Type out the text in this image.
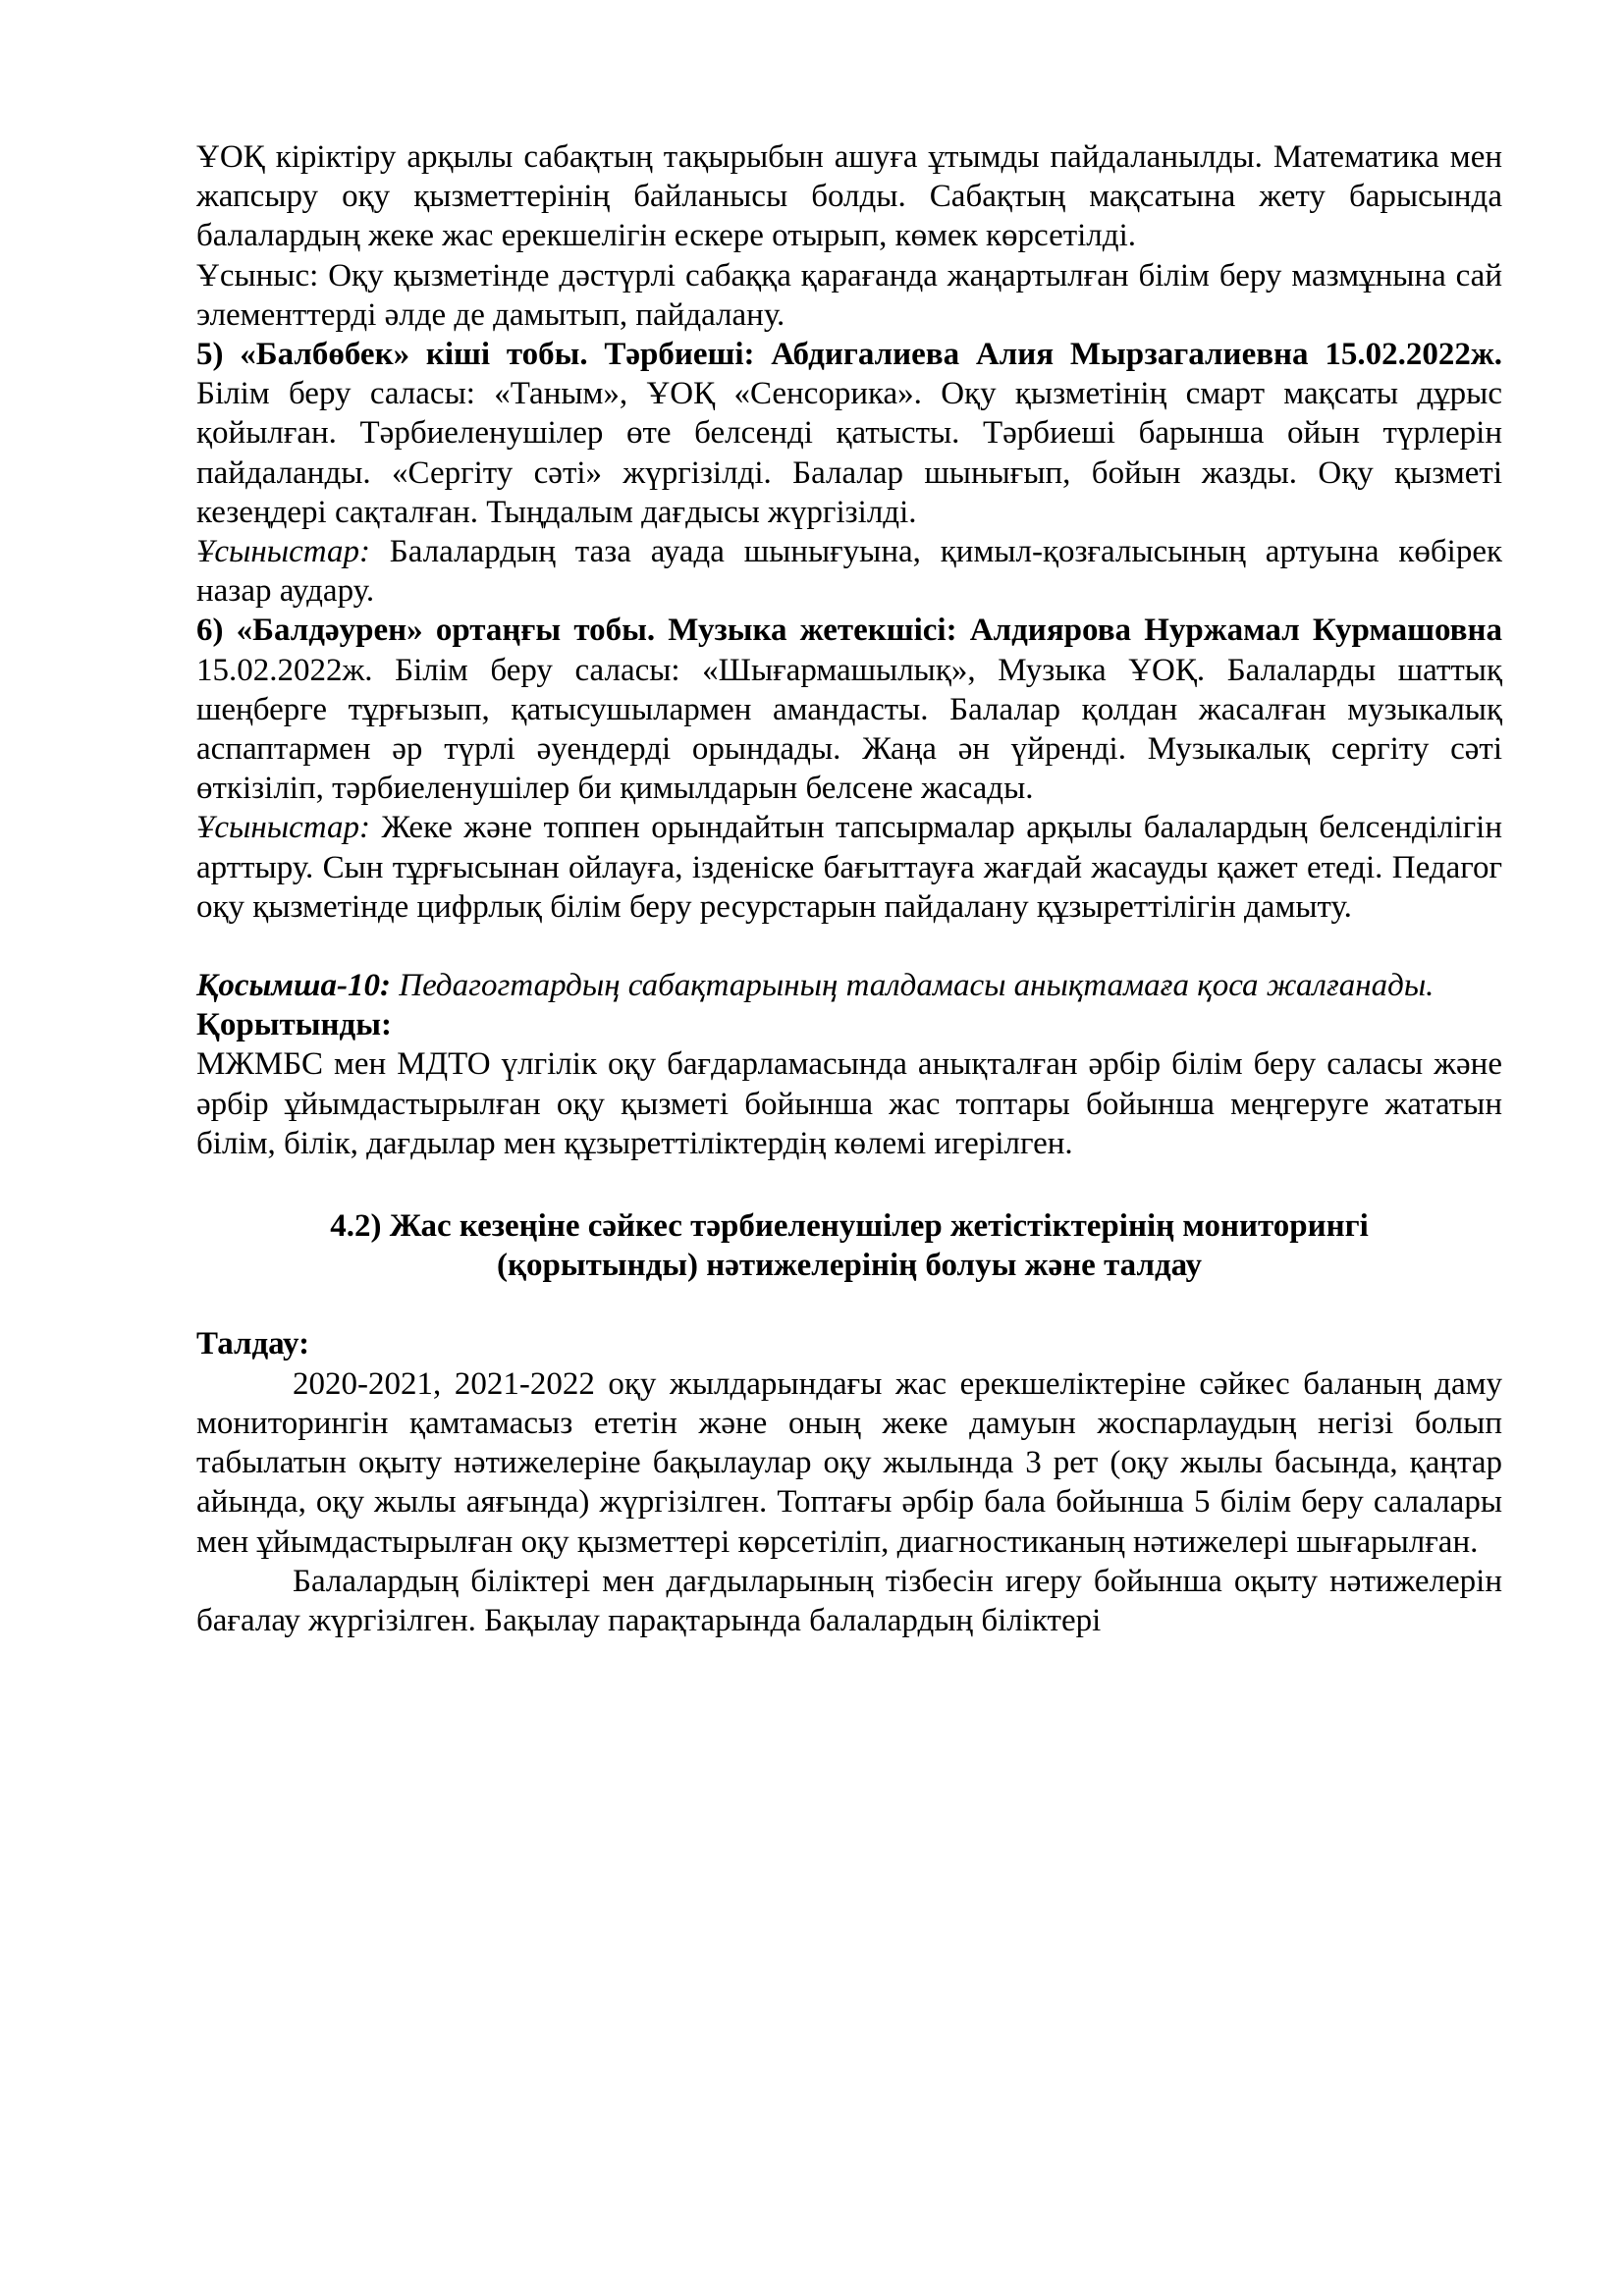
ҰОҚ кіріктіру арқылы сабақтың тақырыбын ашуға ұтымды пайдаланылды. Математика мен жапсыру оқу қызметтерінің байланысы болды. Сабақтың мақсатына жету барысында балалардың жеке жас ерекшелігін ескере отырып, көмек көрсетілді.

Ұсыныс: Оқу қызметінде дәстүрлі сабаққа қарағанда жаңартылған білім беру мазмұнына сай элементтерді әлде де дамытып, пайдалану.

5) «Балбөбек» кіші тобы. Тәрбиеші: Абдигалиева Алия Мырзагалиевна 15.02.2022ж. Білім беру саласы: «Таным», ҰОҚ «Сенсорика». Оқу қызметінің смарт мақсаты дұрыс қойылған. Тәрбиеленушілер өте белсенді қатысты. Тәрбиеші барынша ойын түрлерін пайдаланды. «Сергіту сәті» жүргізілді. Балалар шынығып, бойын жазды. Оқу қызметі кезеңдері сақталған. Тыңдалым дағдысы жүргізілді.

Ұсыныстар: Балалардың таза ауада шынығуына, қимыл-қозғалысының артуына көбірек назар аудару.

6) «Балдәурен» ортаңғы тобы. Музыка жетекшісі: Алдиярова Нуржамал Курмашовна 15.02.2022ж. Білім беру саласы: «Шығармашылық», Музыка ҰОҚ. Балаларды шаттық шеңберге тұрғызып, қатысушылармен амандасты. Балалар қолдан жасалған музыкалық аспаптармен әр түрлі әуендерді орындады. Жаңа ән үйренді. Музыкалық сергіту сәті өткізіліп, тәрбиеленушілер би қимылдарын белсене жасады.

Ұсыныстар: Жеке және топпен орындайтын тапсырмалар арқылы балалардың белсенділігін арттыру. Сын тұрғысынан ойлауға, ізденіске бағыттауға жағдай жасауды қажет етеді. Педагог оқу қызметінде цифрлық білім беру ресурстарын пайдалану құзыреттілігін дамыту.

Қосымша-10: Педагогтардың сабақтарының талдамасы анықтамаға қоса жалғанады.

Қорытынды:

МЖМБС мен МДТО үлгілік оқу бағдарламасында анықталған әрбір білім беру саласы және әрбір ұйымдастырылған оқу қызметі бойынша жас топтары бойынша меңгеруге жататын білім, білік, дағдылар мен құзыреттіліктердің көлемі игерілген.

4.2) Жас кезеңіне сәйкес тәрбиеленушілер жетістіктерінің мониторингі
(қорытынды) нәтижелерінің болуы және талдау

Талдау:

2020-2021, 2021-2022 оқу жылдарындағы жас ерекшеліктеріне сәйкес баланың даму мониторингін қамтамасыз ететін және оның жеке дамуын жоспарлаудың негізі болып табылатын оқыту нәтижелеріне бақылаулар оқу жылында 3 рет (оқу жылы басында, қаңтар айында, оқу жылы аяғында) жүргізілген. Топтағы әрбір бала бойынша 5 білім беру салалары мен ұйымдастырылған оқу қызметтері көрсетіліп, диагностиканың нәтижелері шығарылған.

Балалардың біліктері мен дағдыларының тізбесін игеру бойынша оқыту нәтижелерін бағалау жүргізілген. Бақылау парақтарында балалардың біліктері
